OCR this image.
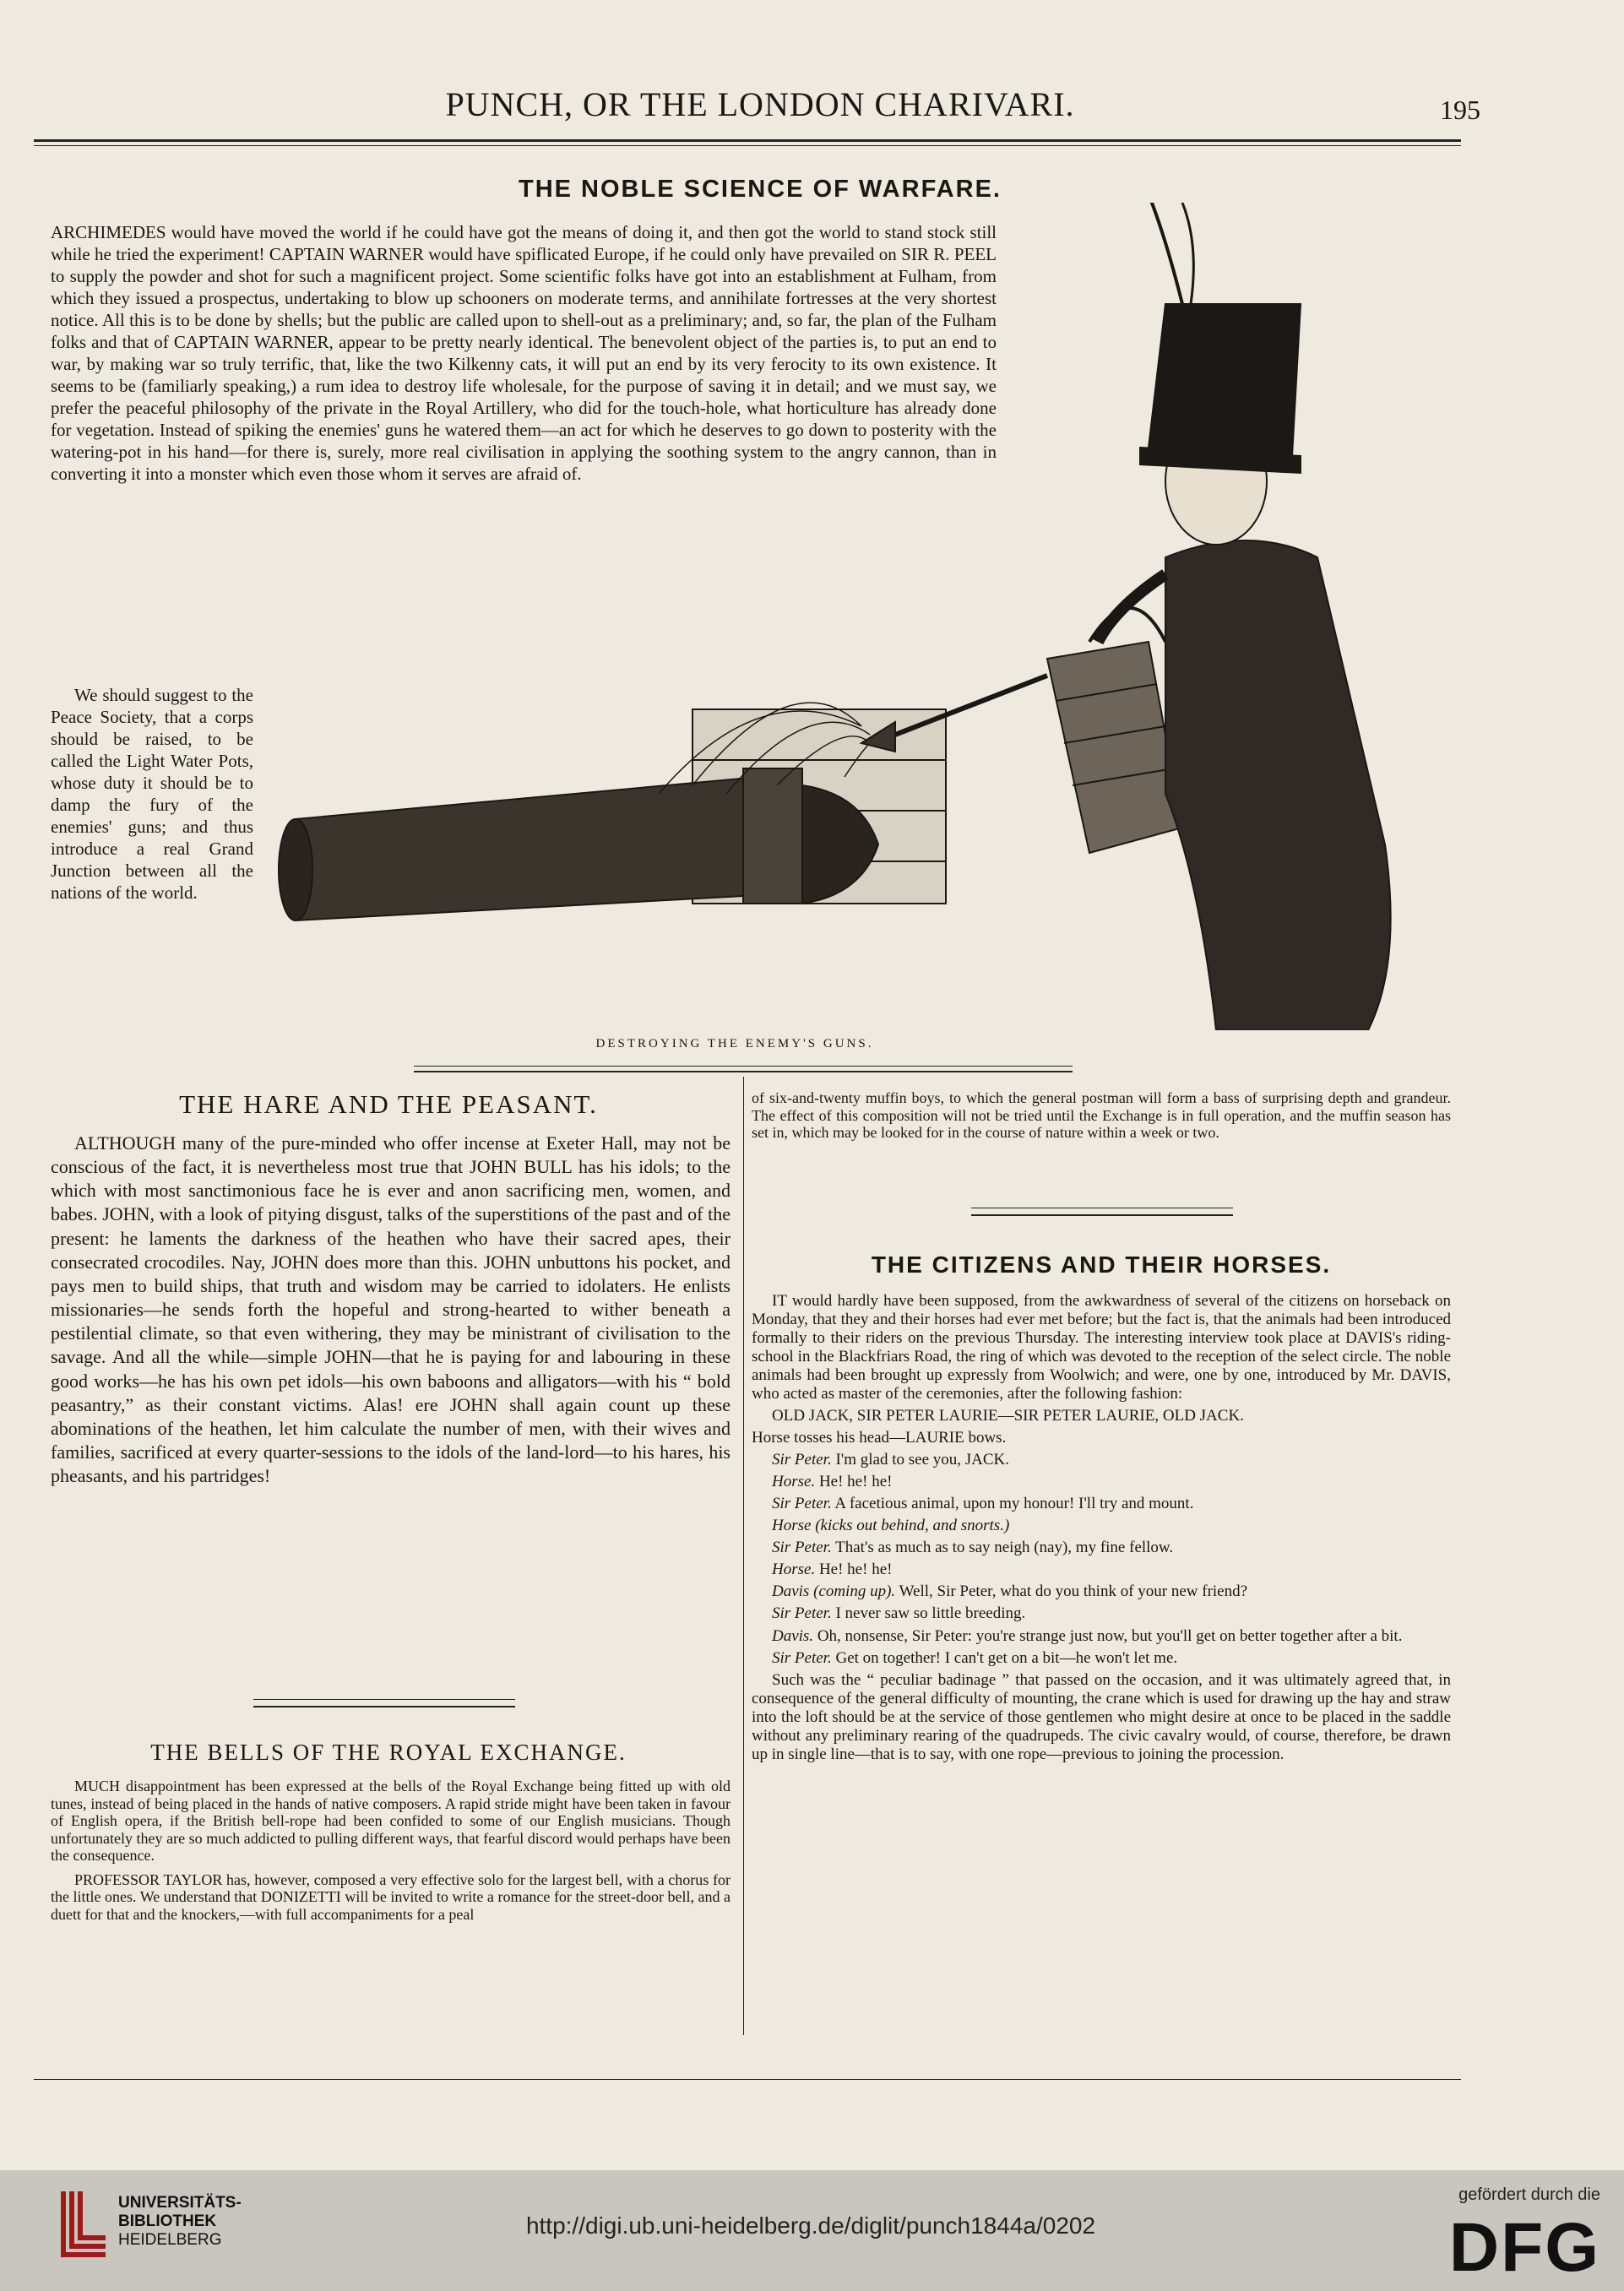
PUNCH, OR THE LONDON CHARIVARI.	195
THE NOBLE SCIENCE OF WARFARE.

ARCHIMEDES would have moved the world if he could have got the means of doing it, and then got the world to stand stock still while he tried the experiment! CAPTAIN WARNER would have spiflicated Europe, if he could only have prevailed on SIR R. PEEL to supply the powder and shot for such a magnificent project. Some scientific folks have got into an establishment at Fulham, from which they issued a prospectus, undertaking to blow up schooners on moderate terms, and annihilate fortresses at the very shortest notice. All this is to be done by shells; but the public are called upon to shell-out as a preliminary; and, so far, the plan of the Fulham folks and that of CAPTAIN WARNER, appear to be pretty nearly identical. The benevolent object of the parties is, to put an end to war, by making war so truly terrific, that, like the two Kilkenny cats, it will put an end by its very ferocity to its own existence. It seems to be (familiarly speaking,) a rum idea to destroy life wholesale, for the purpose of saving it in detail; and we must say, we prefer the peaceful philosophy of the private in the Royal Artillery, who did for the touch-hole, what horticulture has already done for vegetation. Instead of spiking the enemies' guns he watered them—an act for which he deserves to go down to posterity with the watering-pot in his hand—for there is, surely, more real civilisation in applying the soothing system to the angry cannon, than in converting it into a monster which even those whom it serves are afraid of.

We should suggest to the Peace Society, that a corps should be raised, to be called the Light Water Pots, whose duty it should be to damp the fury of the enemies' guns; and thus introduce a real Grand Junction between all the nations of the world.

DESTROYING THE ENEMY'S GUNS.
THE HARE AND THE PEASANT.

ALTHOUGH many of the pure-minded who offer incense at Exeter Hall, may not be conscious of the fact, it is nevertheless most true that JOHN BULL has his idols; to the which with most sanctimonious face he is ever and anon sacrificing men, women, and babes. JOHN, with a look of pitying disgust, talks of the superstitions of the past and of the present: he laments the darkness of the heathen who have their sacred apes, their consecrated crocodiles. Nay, JOHN does more than this. JOHN unbuttons his pocket, and pays men to build ships, that truth and wisdom may be carried to idolaters. He enlists missionaries—he sends forth the hopeful and strong-hearted to wither beneath a pestilential climate, so that even withering, they may be ministrant of civilisation to the savage. And all the while—simple JOHN—that he is paying for and labouring in these good works—he has his own pet idols—his own baboons and alligators—with his “ bold peasantry,” as their constant victims. Alas! ere JOHN shall again count up these abominations of the heathen, let him calculate the number of men, with their wives and families, sacrificed at every quarter-sessions to the idols of the land-lord—to his hares, his pheasants, and his partridges!

THE BELLS OF THE ROYAL EXCHANGE.

MUCH disappointment has been expressed at the bells of the Royal Exchange being fitted up with old tunes, instead of being placed in the hands of native composers. A rapid stride might have been taken in favour of English opera, if the British bell-rope had been confided to some of our English musicians. Though unfortunately they are so much addicted to pulling different ways, that fearful discord would perhaps have been the consequence.

PROFESSOR TAYLOR has, however, composed a very effective solo for the largest bell, with a chorus for the little ones. We understand that DONIZETTI will be invited to write a romance for the street-door bell, and a duett for that and the knockers,—with full accompaniments for a peal

of six-and-twenty muffin boys, to which the general postman will form a bass of surprising depth and grandeur. The effect of this composition will not be tried until the Exchange is in full operation, and the muffin season has set in, which may be looked for in the course of nature within a week or two.

THE CITIZENS AND THEIR HORSES.

IT would hardly have been supposed, from the awkwardness of several of the citizens on horseback on Monday, that they and their horses had ever met before; but the fact is, that the animals had been introduced formally to their riders on the previous Thursday. The interesting interview took place at DAVIS's riding-school in the Blackfriars Road, the ring of which was devoted to the reception of the select circle. The noble animals had been brought up expressly from Woolwich; and were, one by one, introduced by Mr. DAVIS, who acted as master of the ceremonies, after the following fashion:

OLD JACK, SIR PETER LAURIE—SIR PETER LAURIE, OLD JACK.

Horse tosses his head—LAURIE bows.

Sir Peter. I'm glad to see you, JACK.

Horse. He! he! he!

Sir Peter. A facetious animal, upon my honour! I'll try and mount.

Horse (kicks out behind, and snorts.)

Sir Peter. That's as much as to say neigh (nay), my fine fellow.

Horse. He! he! he!

Davis (coming up). Well, Sir Peter, what do you think of your new friend?

Sir Peter. I never saw so little breeding.

Davis. Oh, nonsense, Sir Peter: you're strange just now, but you'll get on better together after a bit.

Sir Peter. Get on together! I can't get on a bit—he won't let me.

Such was the “ peculiar badinage ” that passed on the occasion, and it was ultimately agreed that, in consequence of the general difficulty of mounting, the crane which is used for drawing up the hay and straw into the loft should be at the service of those gentlemen who might desire at once to be placed in the saddle without any preliminary rearing of the quadrupeds. The civic cavalry would, of course, therefore, be drawn up in single line—that is to say, with one rope—previous to joining the procession.

UNIVERSITÄTS-
BIBLIOTHEK
HEIDELBERG
http://digi.ub.uni-heidelberg.de/diglit/punch1844a/0202
gefördert durch die
DFG
